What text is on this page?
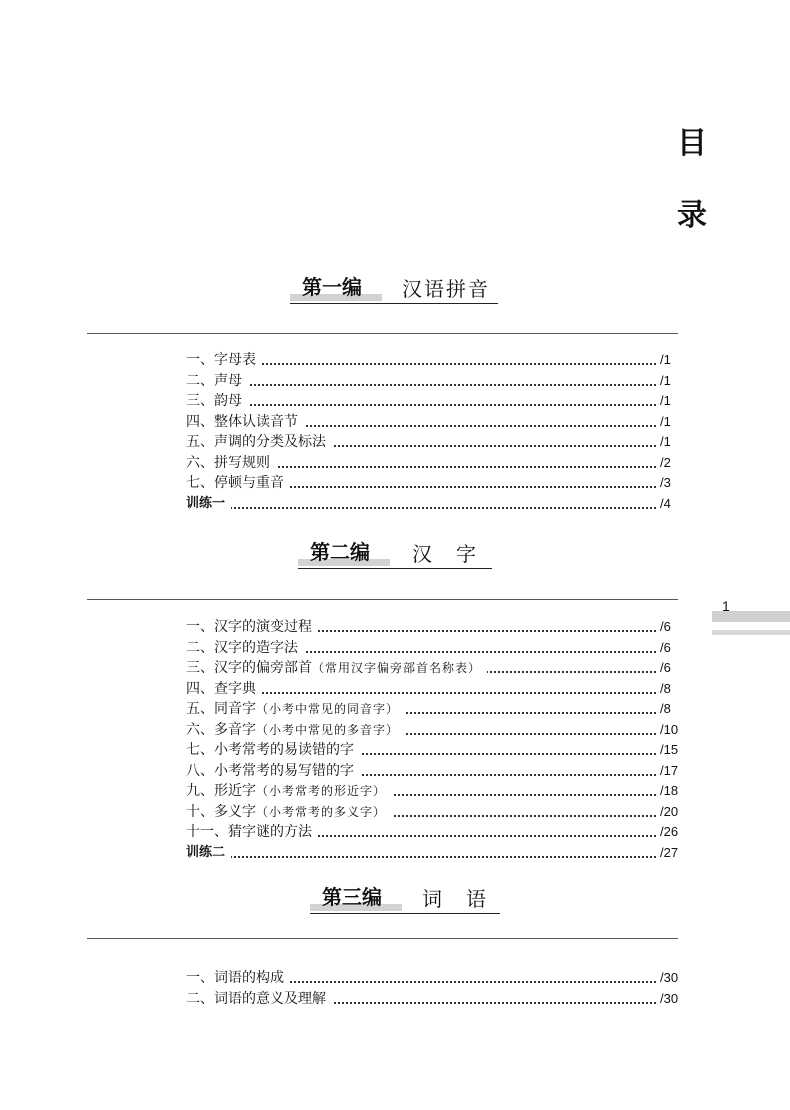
目
录
第一编 汉语拼音
一、字母表	/1
二、声母	/1
三、韵母	/1
四、整体认读音节	/1
五、声调的分类及标法	/1
六、拼写规则	/2
七、停顿与重音	/3
训练一	/4
第二编 汉　字
一、汉字的演变过程	/6
二、汉字的造字法	/6
三、汉字的偏旁部首（常用汉字偏旁部首名称表）	/6
四、查字典	/8
五、同音字（小考中常见的同音字）	/8
六、多音字（小考中常见的多音字）	/10
七、小考常考的易读错的字	/15
八、小考常考的易写错的字	/17
九、形近字（小考常考的形近字）	/18
十、多义字（小考常考的多义字）	/20
十一、猜字谜的方法	/26
训练二	/27
第三编 词　语
一、词语的构成	/30
二、词语的意义及理解	/30
1
